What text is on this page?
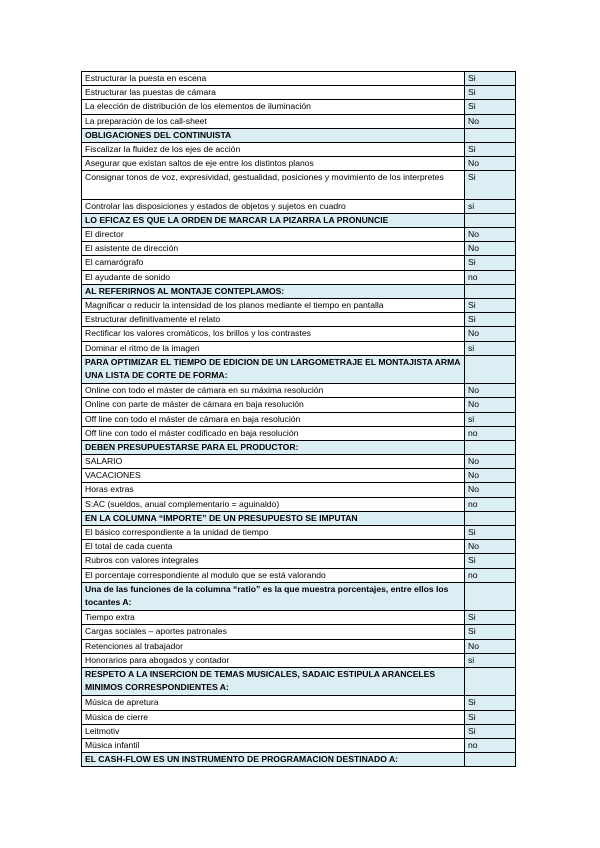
Estructurar la puesta en escena	Si
Estructurar las puestas de cámara	Si
La elección de distribución de los elementos de iluminación	Si
La preparación de los call-sheet	No
OBLIGACIONES DEL CONTINUISTA	
Fiscalizar la fluidez de los ejes de acción	Si
Asegurar que existan saltos de eje entre los distintos planos	No
Consignar tonos de voz, expresividad, gestualidad, posiciones y movimiento de los interpretes	Si
Controlar las disposiciones y estados de objetos y sujetos en cuadro	si
LO EFICAZ ES QUE LA ORDEN DE MARCAR LA PIZARRA LA PRONUNCIE	
El director	No
El asistente de dirección	No
El camarógrafo	Si
El ayudante de sonido	no
AL REFERIRNOS AL MONTAJE CONTEPLAMOS:	
Magnificar o reducir la intensidad de los planos mediante el tiempo en pantalla	Si
Estructurar definitivamente el relato	Si
Rectificar los valores cromáticos, los brillos y los contrastes	No
Dominar el ritmo de la imagen	si
PARA OPTIMIZAR EL TIEMPO DE EDICION DE UN LARGOMETRAJE EL MONTAJISTA ARMA UNA LISTA DE CORTE DE FORMA:	
Online con todo el máster de cámara en su máxima resolución	No
Online con parte de máster de cámara en baja resolución	No
Off line con todo el máster de cámara en baja resolución	si
Off line con todo el máster codificado en baja resolución	no
DEBEN PRESUPUESTARSE PARA EL PRODUCTOR:	
SALARIO	No
VACACIONES	No
Horas extras	No
S:AC (sueldos, anual complementario = aguinaldo)	no
EN LA COLUMNA “IMPORTE” DE UN PRESUPUESTO SE IMPUTAN	
El básico correspondiente a la unidad de tiempo	Si
El total de cada cuenta	No
Rubros con valores integrales	Si
El porcentaje correspondiente al modulo que se está valorando	no
Una de las funciones de la columna “ratio” es la que muestra porcentajes, entre ellos los tocantes A:	
Tiempo extra	Si
Cargas sociales – aportes patronales	Si
Retenciones al trabajador	No
Honorarios para abogados y contador	si
RESPETO A LA INSERCION DE TEMAS MUSICALES, SADAIC ESTIPULA ARANCELES MINIMOS CORRESPONDIENTES A:	
Música de apretura	Si
Música de cierre	Si
Leitmotiv	Si
Música infantil	no
EL CASH-FLOW ES UN INSTRUMENTO DE PROGRAMACION DESTINADO A:	
